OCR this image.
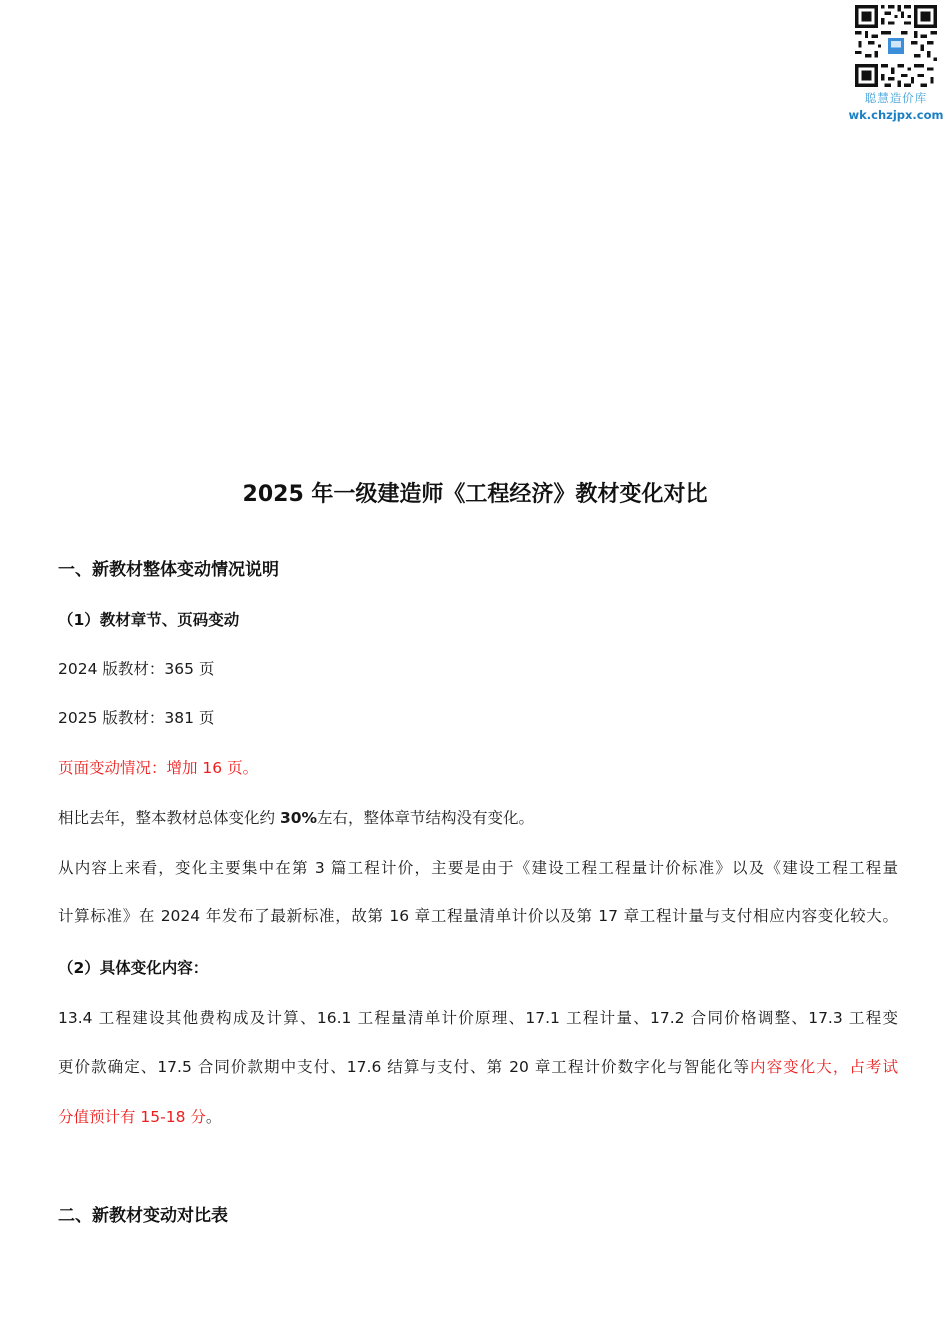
聪慧造价库
wk.chzjpx.com
2025 年一级建造师《工程经济》教材变化对比
一、新教材整体变动情况说明
（1）教材章节、页码变动
2024 版教材：365 页
2025 版教材：381 页
页面变动情况：增加 16 页。
相比去年，整本教材总体变化约 30%左右，整体章节结构没有变化。
从内容上来看，变化主要集中在第 3 篇工程计价，主要是由于《建设工程工程量计价标准》以及《建设工程工程量
计算标准》在 2024 年发布了最新标准，故第 16 章工程量清单计价以及第 17 章工程计量与支付相应内容变化较大。
（2）具体变化内容：
13.4 工程建设其他费构成及计算、16.1 工程量清单计价原理、17.1 工程计量、17.2 合同价格调整、17.3 工程变
更价款确定、17.5 合同价款期中支付、17.6 结算与支付、第 20 章工程计价数字化与智能化等内容变化大，占考试
分值预计有 15-18 分。
二、新教材变动对比表
